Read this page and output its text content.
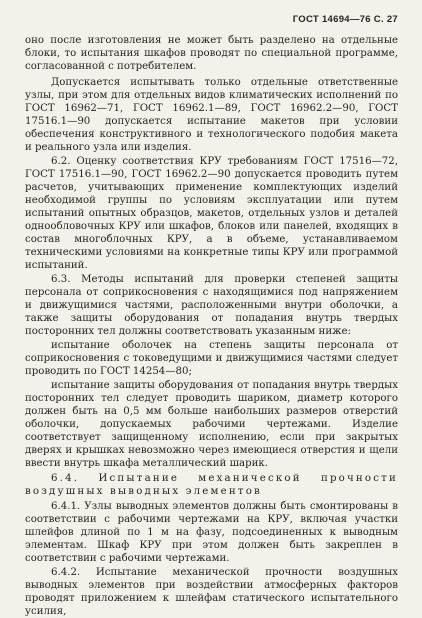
ГОСТ 14694—76 С. 27

оно после изготовления не может быть разделено на отдельные блоки, то испытания шкафов проводят по специальной программе, согласованной с потребителем.

Допускается испытывать только отдельные ответственные узлы, при этом для отдельных видов климатических исполнений по ГОСТ 16962—71, ГОСТ 16962.1—89, ГОСТ 16962.2—90, ГОСТ 17516.1—90 допускается испытание макетов при условии обеспечения конструктивного и технологического подобия макета и реального узла или изделия.

6.2. Оценку соответствия КРУ требованиям ГОСТ 17516—72, ГОСТ 17516.1—90, ГОСТ 16962.2—90 допускается проводить путем расчетов, учитывающих применение комплектующих изделий необходимой группы по условиям эксплуатации или путем испытаний опытных образцов, макетов, отдельных узлов и деталей однообловочных КРУ или шкафов, блоков или панелей, входящих в состав многоблочных КРУ, а в объеме, устанавливаемом техническими условиями на конкретные типы КРУ или программой испытаний.

6.3. Методы испытаний для проверки степеней защиты персонала от соприкосновения с находящимися под напряжением и движущимися частями, расположенными внутри оболочки, а также защиты оборудования от попадания внутрь твердых посторонних тел должны соответствовать указанным ниже:

испытание оболочек на степень защиты персонала от соприкосновения с токоведущими и движущимися частями следует проводить по ГОСТ 14254—80;

испытание защиты оборудования от попадания внутрь твердых посторонних тел следует проводить шариком, диаметр которого должен быть на 0,5 мм больше наибольших размеров отверстий оболочки, допускаемых рабочими чертежами. Изделие соответствует защищенному исполнению, если при закрытых дверях и крышках невозможно через имеющиеся отверстия и щели ввести внутрь шкафа металлический шарик.

6.4. Испытание механической прочности воздушных выводных элементов

6.4.1. Узлы выводных элементов должны быть смонтированы в соответствии с рабочими чертежами на КРУ, включая участки шлейфов длиной по 1 м на фазу, подсоединенных к выводным элементам. Шкаф КРУ при этом должен быть закреплен в соответствии с рабочими чертежами.

6.4.2. Испытание механической прочности воздушных выводных элементов при воздействии атмосферных факторов проводят приложением к шлейфам статического испытательного усилия,
